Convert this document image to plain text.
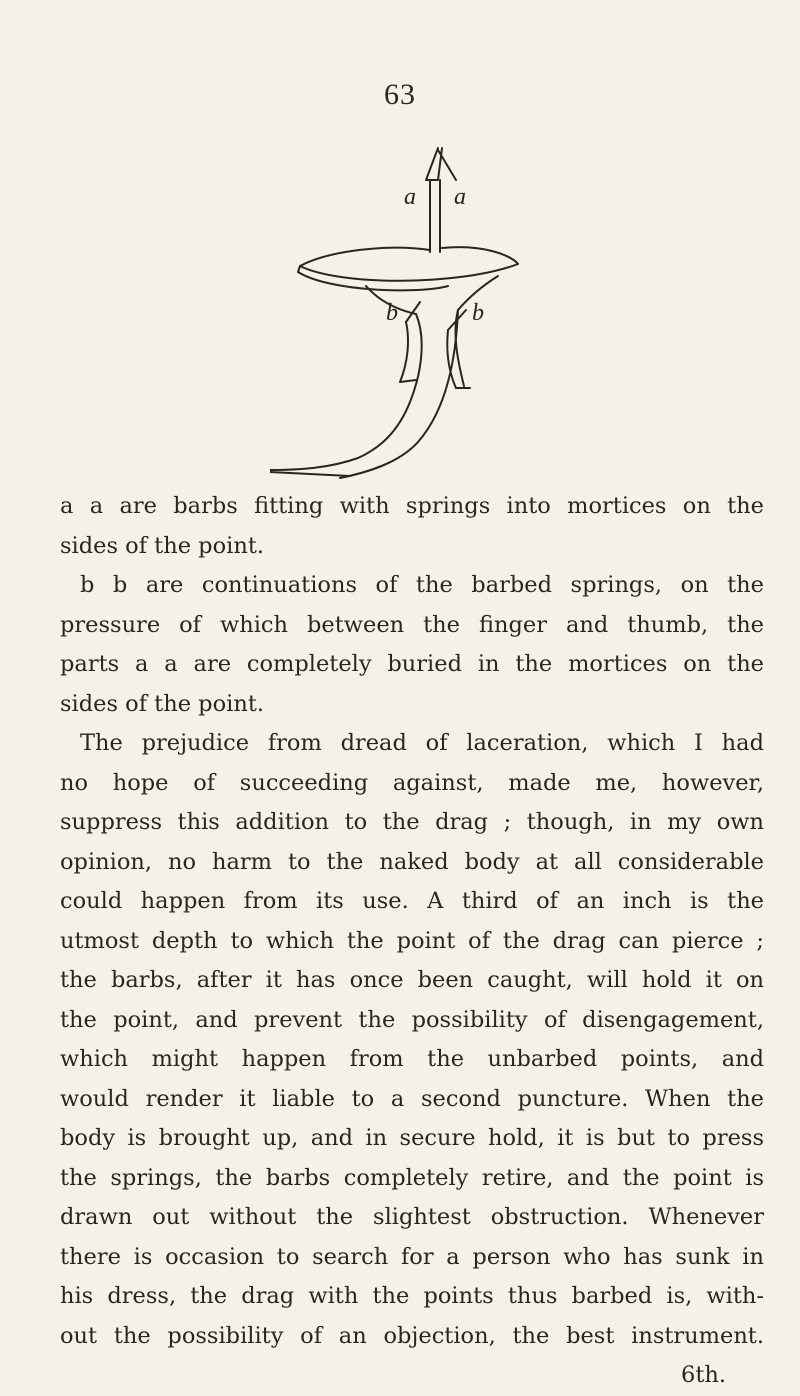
63
a a
b	b
a a are barbs fitting with springs into mortices on the
sides of the point.
b b are continuations of the barbed springs, on the
pressure of which between the finger and thumb, the
parts a a are completely buried in the mortices on the
sides of the point.
The prejudice from dread of laceration, which I had
no hope of succeeding against, made me, however,
suppress this addition to the drag ; though, in my own
opinion, no harm to the naked body at all considerable
could happen from its use. A third of an inch is the
utmost depth to which the point of the drag can pierce ;
the barbs, after it has once been caught, will hold it on
the point, and prevent the possibility of disengagement,
which might happen from the unbarbed points, and
would render it liable to a second puncture. When the
body is brought up, and in secure hold, it is but to press
the springs, the barbs completely retire, and the point is
drawn out without the slightest obstruction. Whenever
there is occasion to search for a person who has sunk in
his dress, the drag with the points thus barbed is, with-
out the possibility of an objection, the best instrument.
6th.
